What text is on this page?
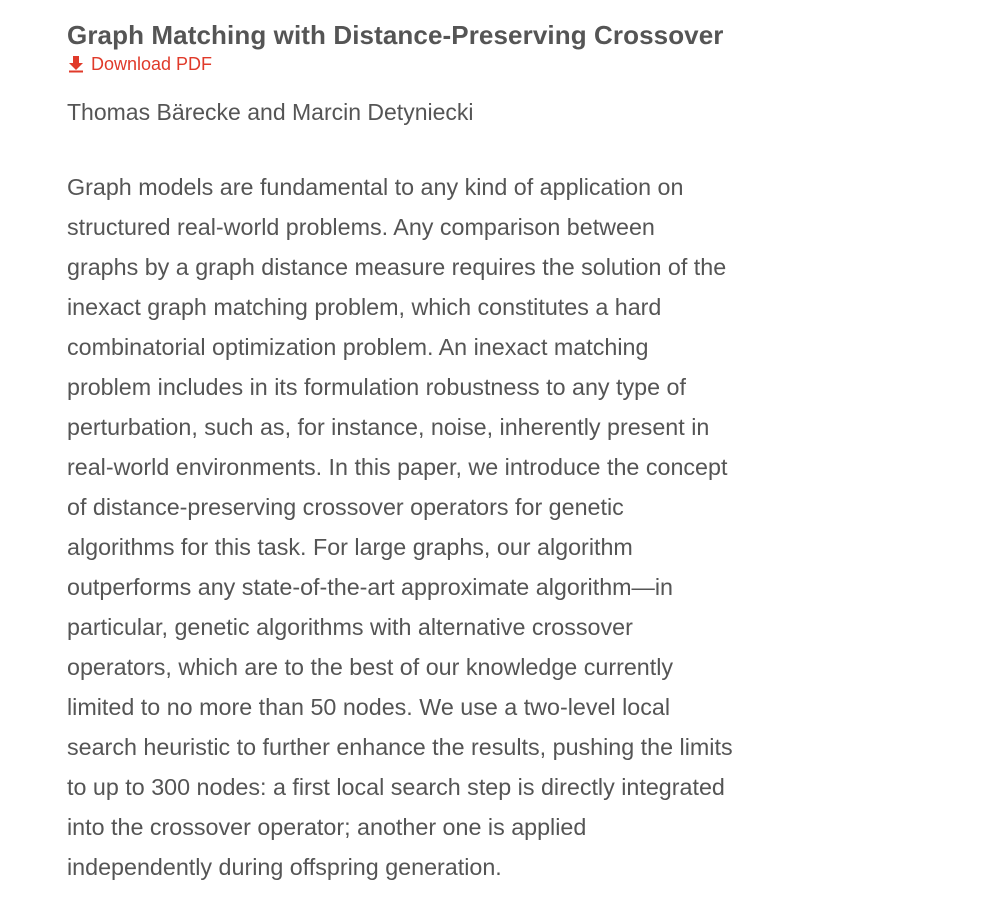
Graph Matching with Distance-Preserving Crossover
Download PDF

Thomas Bärecke and Marcin Detyniecki

Graph models are fundamental to any kind of application on
structured real-world problems. Any comparison between
graphs by a graph distance measure requires the solution of the
inexact graph matching problem, which constitutes a hard
combinatorial optimization problem. An inexact matching
problem includes in its formulation robustness to any type of
perturbation, such as, for instance, noise, inherently present in
real-world environments. In this paper, we introduce the concept
of distance-preserving crossover operators for genetic
algorithms for this task. For large graphs, our algorithm
outperforms any state-of-the-art approximate algorithm—in
particular, genetic algorithms with alternative crossover
operators, which are to the best of our knowledge currently
limited to no more than 50 nodes. We use a two-level local
search heuristic to further enhance the results, pushing the limits
to up to 300 nodes: a first local search step is directly integrated
into the crossover operator; another one is applied
independently during offspring generation.
